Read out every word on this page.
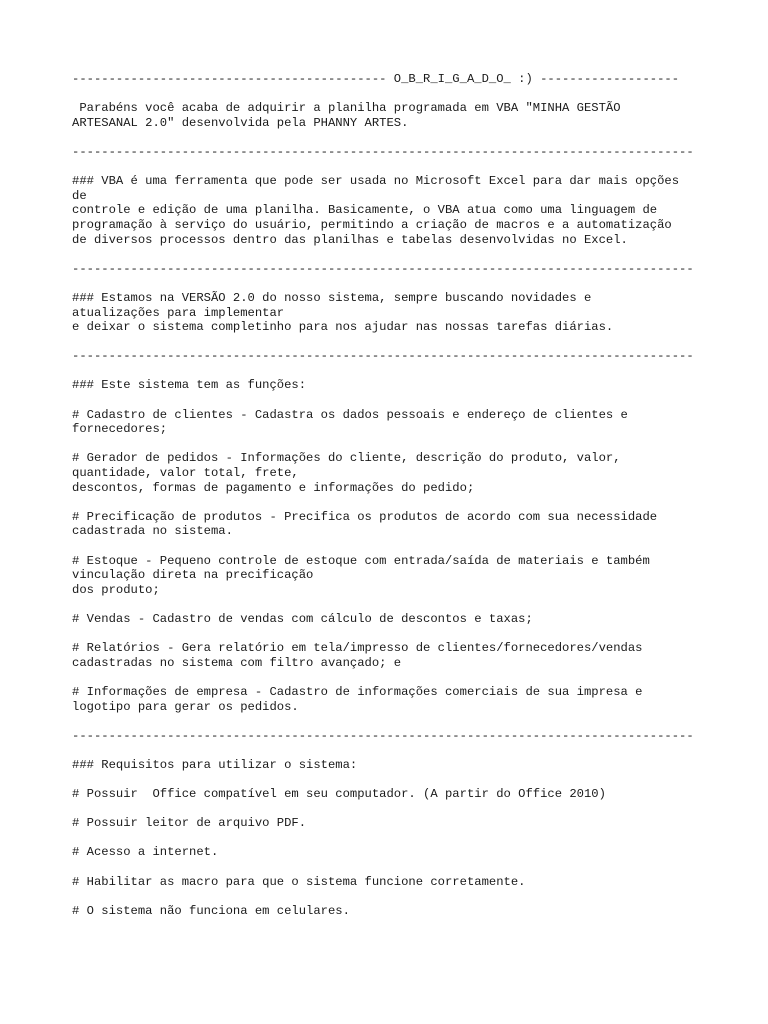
------------------------------------------- O_B_R_I_G_A_D_O_ :) -------------------
Parabéns você acaba de adquirir a planilha programada em VBA "MINHA GESTÃO
ARTESANAL 2.0" desenvolvida pela PHANNY ARTES.
-------------------------------------------------------------------------------------
### VBA é uma ferramenta que pode ser usada no Microsoft Excel para dar mais opções
de
controle e edição de uma planilha. Basicamente, o VBA atua como uma linguagem de
programação à serviço do usuário, permitindo a criação de macros e a automatização
de diversos processos dentro das planilhas e tabelas desenvolvidas no Excel.
-------------------------------------------------------------------------------------
### Estamos na VERSÃO 2.0 do nosso sistema, sempre buscando novidades e
atualizações para implementar
e deixar o sistema completinho para nos ajudar nas nossas tarefas diárias.
-------------------------------------------------------------------------------------
### Este sistema tem as funções:
# Cadastro de clientes - Cadastra os dados pessoais e endereço de clientes e
fornecedores;
# Gerador de pedidos - Informações do cliente, descrição do produto, valor,
quantidade, valor total, frete,
descontos, formas de pagamento e informações do pedido;
# Precificação de produtos - Precifica os produtos de acordo com sua necessidade
cadastrada no sistema.
# Estoque - Pequeno controle de estoque com entrada/saída de materiais e também
vinculação direta na precificação
dos produto;
# Vendas - Cadastro de vendas com cálculo de descontos e taxas;
# Relatórios - Gera relatório em tela/impresso de clientes/fornecedores/vendas
cadastradas no sistema com filtro avançado; e
# Informações de empresa - Cadastro de informações comerciais de sua impresa e
logotipo para gerar os pedidos.
-------------------------------------------------------------------------------------
### Requisitos para utilizar o sistema:
# Possuir  Office compatível em seu computador. (A partir do Office 2010)
# Possuir leitor de arquivo PDF.
# Acesso a internet.
# Habilitar as macro para que o sistema funcione corretamente.
# O sistema não funciona em celulares.
